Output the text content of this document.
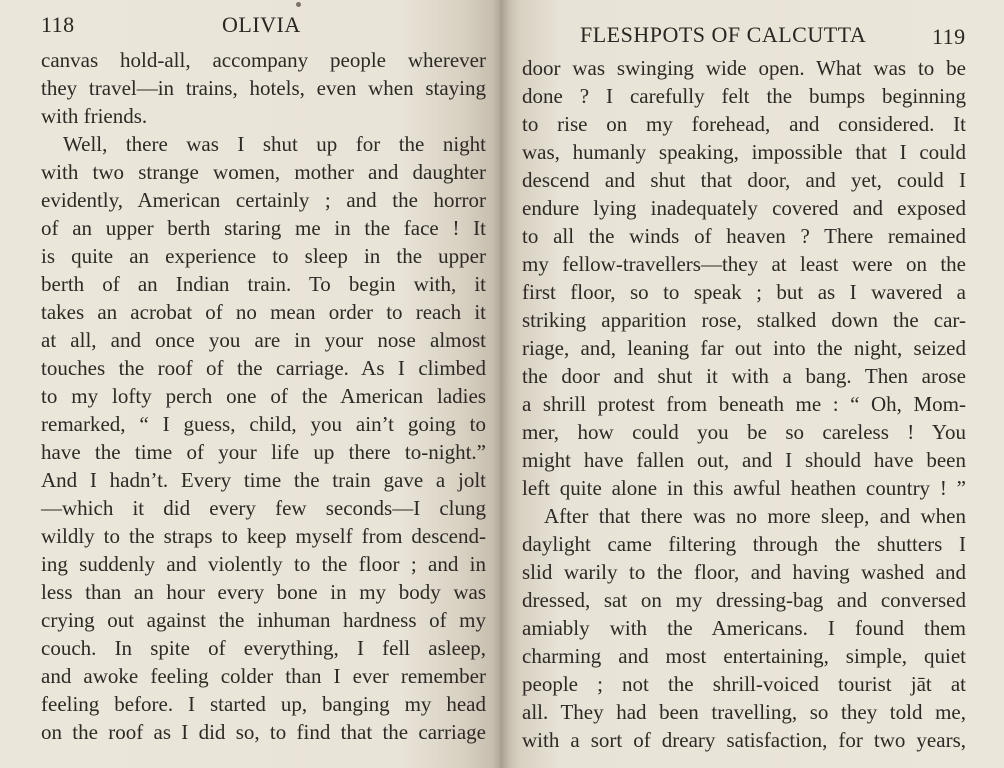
118	OLIVIA
canvas hold-all, accompany people wherever
they travel—in trains, hotels, even when staying
with friends.
Well, there was I shut up for the night
with two strange women, mother and daughter
evidently, American certainly ; and the horror
of an upper berth staring me in the face ! It
is quite an experience to sleep in the upper
berth of an Indian train. To begin with, it
takes an acrobat of no mean order to reach it
at all, and once you are in your nose almost
touches the roof of the carriage. As I climbed
to my lofty perch one of the American ladies
remarked, “ I guess, child, you ain’t going to
have the time of your life up there to-night.”
And I hadn’t. Every time the train gave a jolt
—which it did every few seconds—I clung
wildly to the straps to keep myself from descend-
ing suddenly and violently to the floor ; and in
less than an hour every bone in my body was
crying out against the inhuman hardness of my
couch. In spite of everything, I fell asleep,
and awoke feeling colder than I ever remember
feeling before. I started up, banging my head
on the roof as I did so, to find that the carriage
FLESHPOTS OF CALCUTTA	119
door was swinging wide open. What was to be
done ? I carefully felt the bumps beginning
to rise on my forehead, and considered. It
was, humanly speaking, impossible that I could
descend and shut that door, and yet, could I
endure lying inadequately covered and exposed
to all the winds of heaven ? There remained
my fellow-travellers—they at least were on the
first floor, so to speak ; but as I wavered a
striking apparition rose, stalked down the car-
riage, and, leaning far out into the night, seized
the door and shut it with a bang. Then arose
a shrill protest from beneath me : “ Oh, Mom-
mer, how could you be so careless ! You
might have fallen out, and I should have been
left quite alone in this awful heathen country ! ”
After that there was no more sleep, and when
daylight came filtering through the shutters I
slid warily to the floor, and having washed and
dressed, sat on my dressing-bag and conversed
amiably with the Americans. I found them
charming and most entertaining, simple, quiet
people ; not the shrill-voiced tourist jāt at
all. They had been travelling, so they told me,
with a sort of dreary satisfaction, for two years,
